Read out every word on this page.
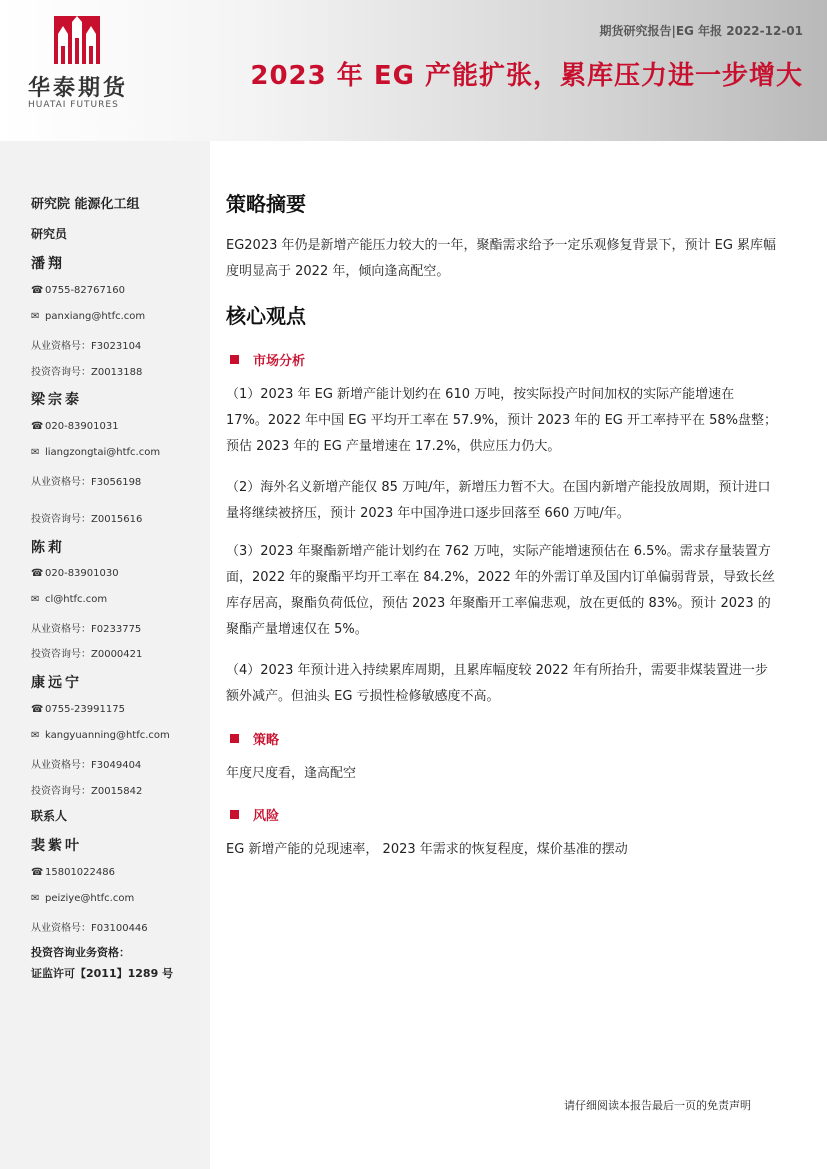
华泰期货
HUATAI FUTURES
期货研究报告|EG 年报 2022-12-01
2023 年 EG 产能扩张，累库压力进一步增大
研究院 能源化工组
研究员
潘翔
☎ 0755-82767160
✉ panxiang@htfc.com
从业资格号：F3023104
投资咨询号：Z0013188
梁宗泰
☎ 020-83901031
✉ liangzongtai@htfc.com
从业资格号：F3056198
投资咨询号：Z0015616
陈莉
☎ 020-83901030
✉ cl@htfc.com
从业资格号：F0233775
投资咨询号：Z0000421
康远宁
☎ 0755-23991175
✉ kangyuanning@htfc.com
从业资格号：F3049404
投资咨询号：Z0015842
联系人
裴紫叶
☎ 15801022486
✉ peiziye@htfc.com
从业资格号：F03100446
投资咨询业务资格：
证监许可【2011】1289 号
策略摘要
EG2023 年仍是新增产能压力较大的一年，聚酯需求给予一定乐观修复背景下，预计 EG 累库幅度明显高于 2022 年，倾向逢高配空。
核心观点
市场分析
（1）2023 年 EG 新增产能计划约在 610 万吨，按实际投产时间加权的实际产能增速在 17%。2022 年中国 EG 平均开工率在 57.9%，预计 2023 年的 EG 开工率持平在 58%盘整；预估 2023 年的 EG 产量增速在 17.2%，供应压力仍大。
（2）海外名义新增产能仅 85 万吨/年，新增压力暂不大。在国内新增产能投放周期，预计进口量将继续被挤压，预计 2023 年中国净进口逐步回落至 660 万吨/年。
（3）2023 年聚酯新增产能计划约在 762 万吨，实际产能增速预估在 6.5%。需求存量装置方面，2022 年的聚酯平均开工率在 84.2%，2022 年的外需订单及国内订单偏弱背景，导致长丝库存居高，聚酯负荷低位，预估 2023 年聚酯开工率偏悲观，放在更低的 83%。预计 2023 的聚酯产量增速仅在 5%。
（4）2023 年预计进入持续累库周期，且累库幅度较 2022 年有所抬升，需要非煤装置进一步额外减产。但油头 EG 亏损性检修敏感度不高。
策略
年度尺度看，逢高配空
风险
EG 新增产能的兑现速率， 2023 年需求的恢复程度，煤价基准的摆动
请仔细阅读本报告最后一页的免责声明
